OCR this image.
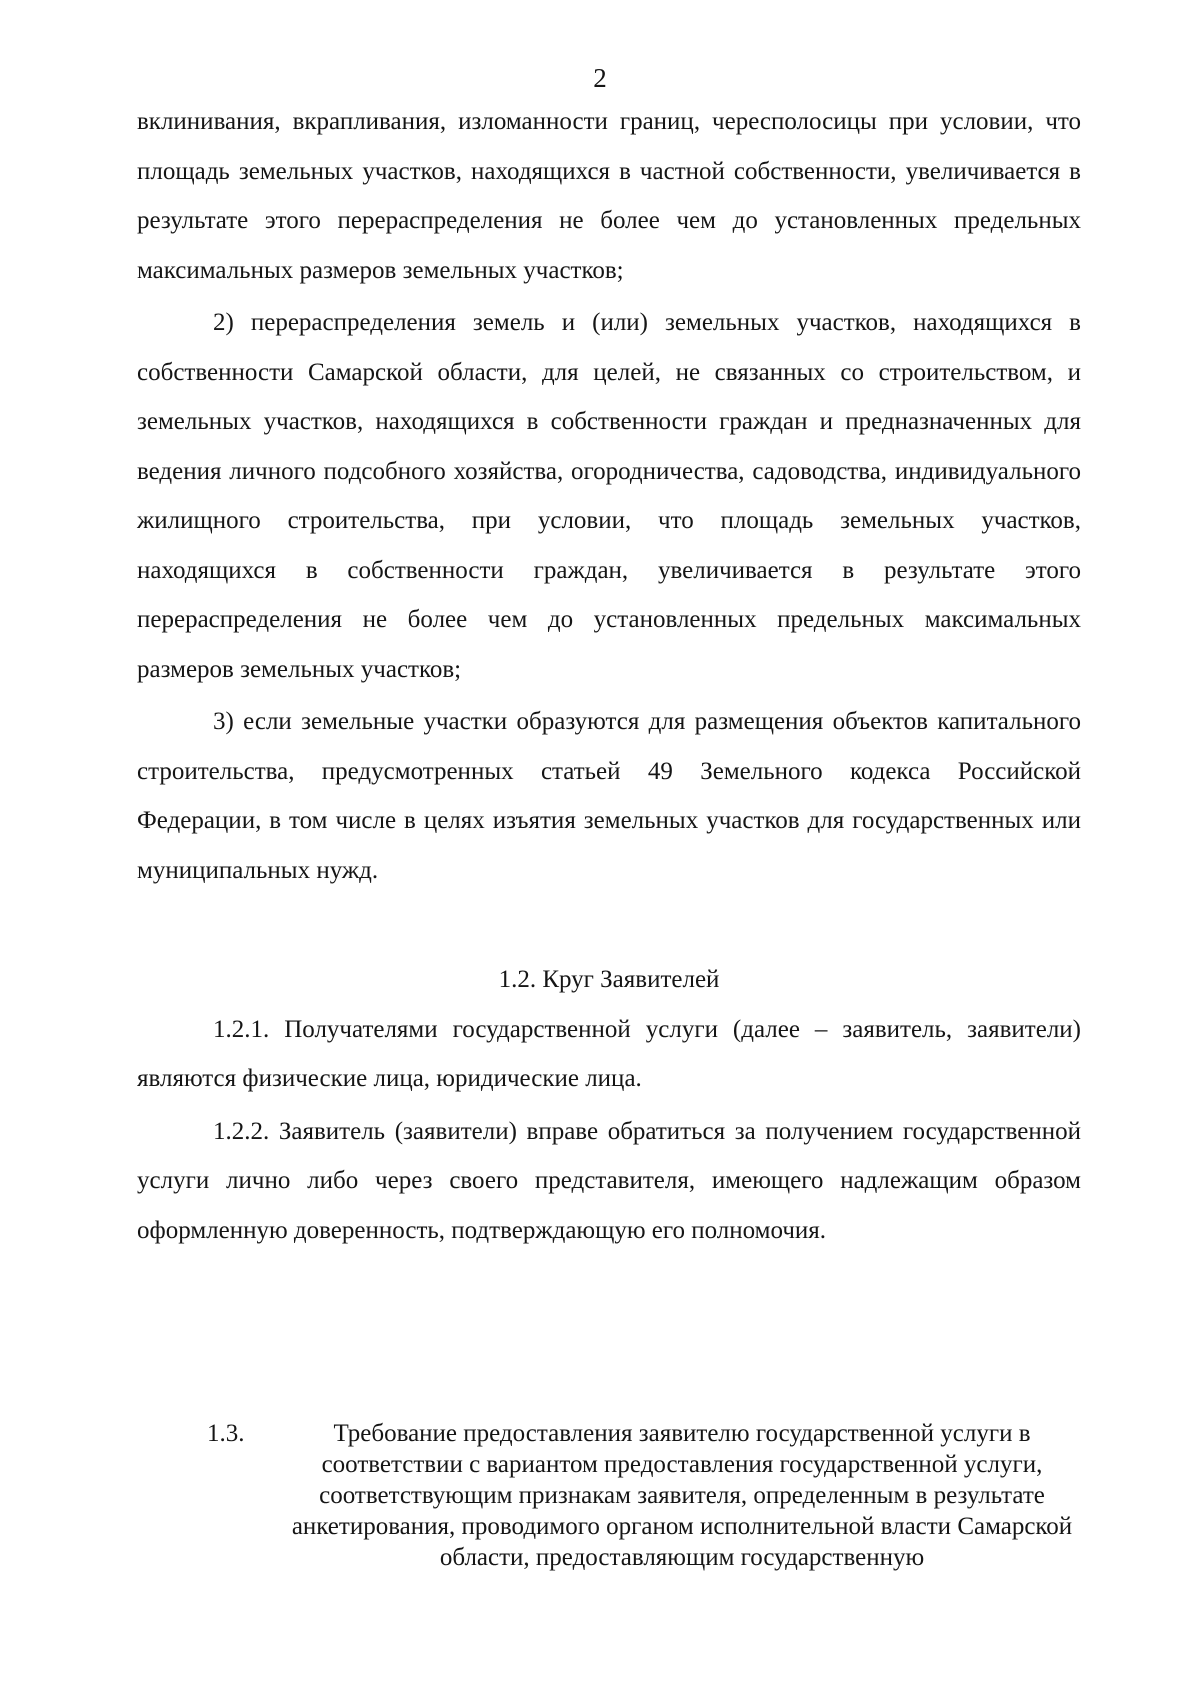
2

вклинивания, вкрапливания, изломанности границ, чересполосицы при условии, что площадь земельных участков, находящихся в частной собственности, увеличивается в результате этого перераспределения не более чем до установленных предельных максимальных размеров земельных участков;

2) перераспределения земель и (или) земельных участков, находящихся в собственности Самарской области, для целей, не связанных со строительством, и земельных участков, находящихся в собственности граждан и предназначенных для ведения личного подсобного хозяйства, огородничества, садоводства, индивидуального жилищного строительства, при условии, что площадь земельных участков, находящихся в собственности граждан, увеличивается в результате этого перераспределения не более чем до установленных предельных максимальных размеров земельных участков;

3) если земельные участки образуются для размещения объектов капитального строительства, предусмотренных статьей 49 Земельного кодекса Российской Федерации, в том числе в целях изъятия земельных участков для государственных или муниципальных нужд.

1.2. Круг Заявителей

1.2.1. Получателями государственной услуги (далее – заявитель, заявители) являются физические лица, юридические лица.

1.2.2. Заявитель (заявители) вправе обратиться за получением государственной услуги лично либо через своего представителя, имеющего надлежащим образом оформленную доверенность, подтверждающую его полномочия.

1.3.	Требование предоставления заявителю государственной услуги в соответствии с вариантом предоставления государственной услуги, соответствующим признакам заявителя, определенным в результате анкетирования, проводимого органом исполнительной власти Самарской области, предоставляющим государственную
